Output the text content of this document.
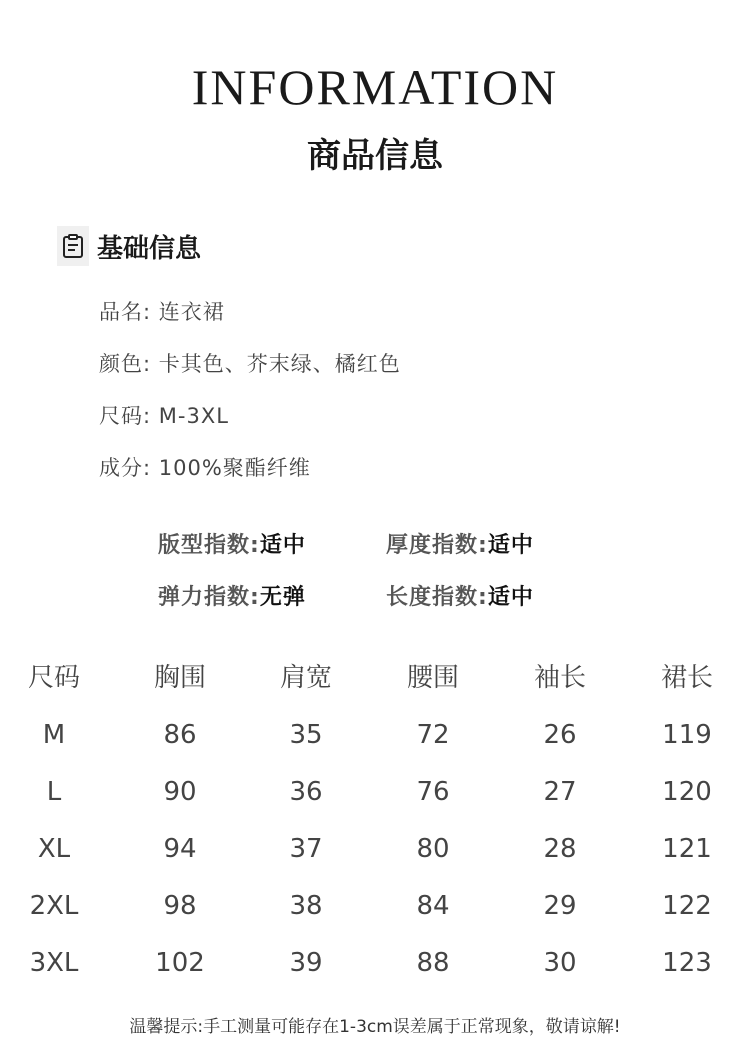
INFORMATION
商品信息
基础信息
品名: 连衣裙
颜色: 卡其色、芥末绿、橘红色
尺码: M-3XL
成分: 100%聚酯纤维
版型指数:适中	厚度指数:适中
弹力指数:无弹	长度指数:适中
尺码	胸围	肩宽	腰围	袖长	裙长
M	86	35	72	26	119
L	90	36	76	27	120
XL	94	37	80	28	121
2XL	98	38	84	29	122
3XL	102	39	88	30	123
温馨提示:手工测量可能存在1-3cm误差属于正常现象，敬请谅解!
